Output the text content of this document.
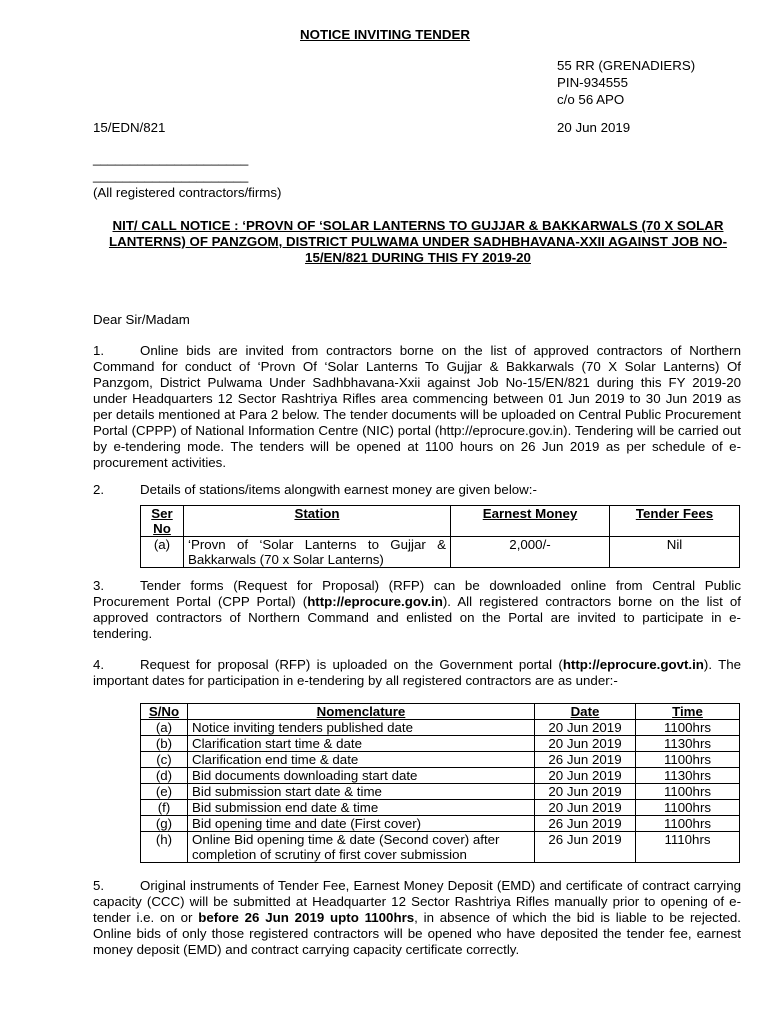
NOTICE INVITING TENDER
55 RR (GRENADIERS)
PIN-934555
c/o 56 APO
15/EDN/821	20 Jun 2019
_____________________
_____________________
(All registered contractors/firms)
NIT/ CALL NOTICE : ‘PROVN OF ‘SOLAR LANTERNS TO GUJJAR & BAKKARWALS (70 X SOLAR LANTERNS) OF PANZGOM, DISTRICT PULWAMA UNDER SADHBHAVANA-XXII AGAINST JOB NO-15/EN/821 DURING THIS FY 2019-20
Dear Sir/Madam
1.	Online bids are invited from contractors borne on the list of approved contractors of Northern Command for conduct of ‘Provn Of ‘Solar Lanterns To Gujjar & Bakkarwals (70 X Solar Lanterns) Of Panzgom, District Pulwama Under Sadhbhavana-Xxii against Job No-15/EN/821 during this FY 2019-20 under Headquarters 12 Sector Rashtriya Rifles area commencing between 01 Jun 2019 to 30 Jun 2019 as per details mentioned at Para 2 below. The tender documents will be uploaded on Central Public Procurement Portal (CPPP) of National Information Centre (NIC) portal (http://eprocure.gov.in). Tendering will be carried out by e-tendering mode. The tenders will be opened at 1100 hours on 26 Jun 2019 as per schedule of e-procurement activities.
2.	Details of stations/items alongwith earnest money are given below:-
Ser No	Station	Earnest Money	Tender Fees
(a)	‘Provn of ‘Solar Lanterns to Gujjar & Bakkarwals (70 x Solar Lanterns)	2,000/-	Nil
3.	Tender forms (Request for Proposal) (RFP) can be downloaded online from Central Public Procurement Portal (CPP Portal) (http://eprocure.gov.in). All registered contractors borne on the list of approved contractors of Northern Command and enlisted on the Portal are invited to participate in e-tendering.
4.	Request for proposal (RFP) is uploaded on the Government portal (http://eprocure.govt.in). The important dates for participation in e-tendering by all registered contractors are as under:-
S/No	Nomenclature	Date	Time
(a)	Notice inviting tenders published date	20 Jun 2019	1100hrs
(b)	Clarification start time & date	20 Jun 2019	1130hrs
(c)	Clarification end time & date	26 Jun 2019	1100hrs
(d)	Bid documents downloading start date	20 Jun 2019	1130hrs
(e)	Bid submission start date & time	20 Jun 2019	1100hrs
(f)	Bid submission end date & time	20 Jun 2019	1100hrs
(g)	Bid opening time and date (First cover)	26 Jun 2019	1100hrs
(h)	Online Bid opening time & date (Second cover) after completion of scrutiny of first cover submission	26 Jun 2019	1110hrs
5.	Original instruments of Tender Fee, Earnest Money Deposit (EMD) and certificate of contract carrying capacity (CCC) will be submitted at Headquarter 12 Sector Rashtriya Rifles manually prior to opening of e-tender i.e. on or before 26 Jun 2019 upto 1100hrs, in absence of which the bid is liable to be rejected. Online bids of only those registered contractors will be opened who have deposited the tender fee, earnest money deposit (EMD) and contract carrying capacity certificate correctly.
